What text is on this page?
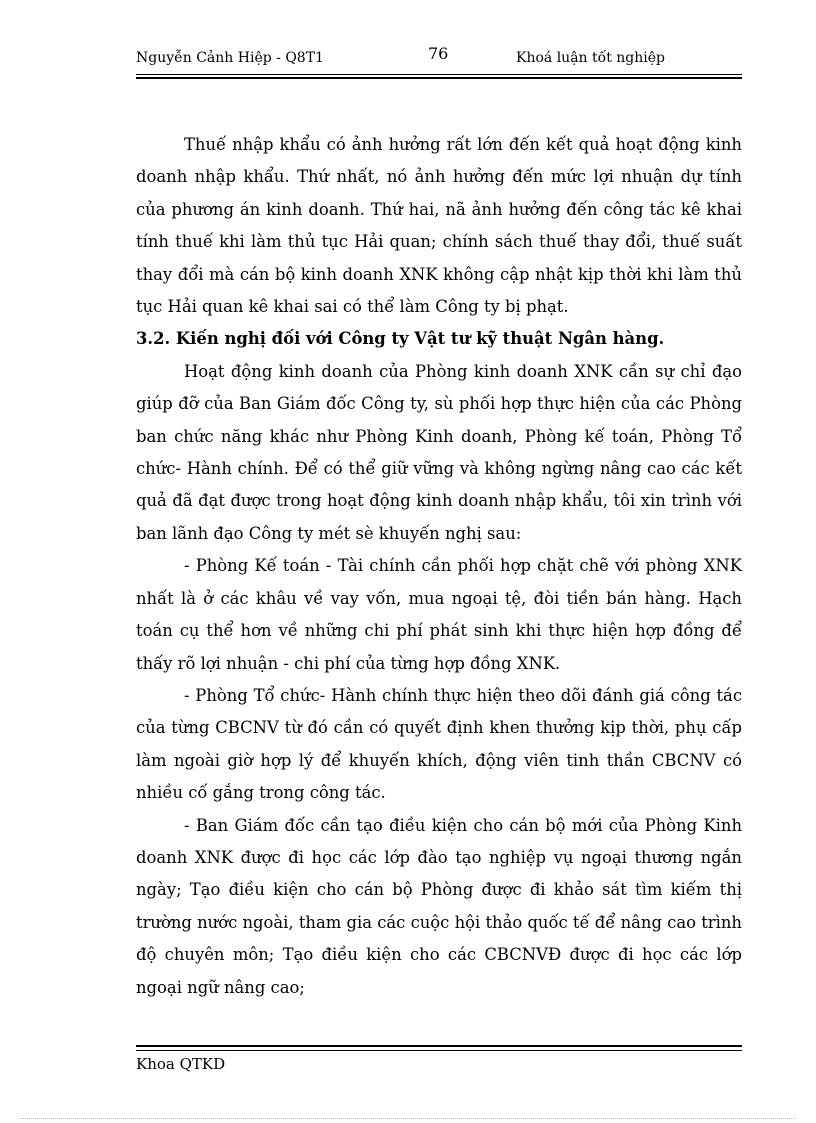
Nguyễn Cảnh Hiệp - Q8T1	76	Khoá luận tốt nghiệp

Thuế nhập khẩu có ảnh hưởng rất lớn đến kết quả hoạt động kinh doanh nhập khẩu. Thứ nhất, nó ảnh hưởng đến mức lợi nhuận dự tính của phương án kinh doanh. Thứ hai, nã ảnh hưởng đến công tác kê khai tính thuế khi làm thủ tục Hải quan; chính sách thuế thay đổi, thuế suất thay đổi mà cán bộ kinh doanh XNK không cập nhật kịp thời khi làm thủ tục Hải quan kê khai sai có thể làm Công ty bị phạt.

3.2. Kiến nghị đối với Công ty Vật tư kỹ thuật Ngân hàng.

Hoạt động kinh doanh của Phòng kinh doanh XNK cần sự chỉ đạo giúp đỡ của Ban Giám đốc Công ty, sù phối hợp thực hiện của các Phòng ban chức năng khác như Phòng Kinh doanh, Phòng kế toán, Phòng Tổ chức- Hành chính. Để có thể giữ vững và không ngừng nâng cao các kết quả đã đạt được trong hoạt động kinh doanh nhập khẩu, tôi xin trình với ban lãnh đạo Công ty mét sè khuyến nghị sau:

- Phòng Kế toán - Tài chính cần phối hợp chặt chẽ với phòng XNK nhất là ở các khâu về vay vốn, mua ngoại tệ, đòi tiền bán hàng. Hạch toán cụ thể hơn về những chi phí phát sinh khi thực hiện hợp đồng để thấy rõ lợi nhuận - chi phí của từng hợp đồng XNK.

- Phòng Tổ chức- Hành chính thực hiện theo dõi đánh giá công tác của từng CBCNV từ đó cần có quyết định khen thưởng kịp thời, phụ cấp làm ngoài giờ hợp lý để khuyến khích, động viên tinh thần CBCNV có nhiều cố gắng trong công tác.

- Ban Giám đốc cần tạo điều kiện cho cán bộ mới của Phòng Kinh doanh XNK được đi học các lớp đào tạo nghiệp vụ ngoại thương ngắn ngày; Tạo điều kiện cho cán bộ Phòng được đi khảo sát tìm kiếm thị trường nước ngoài, tham gia các cuộc hội thảo quốc tế để nâng cao trình độ chuyên môn; Tạo điều kiện cho các CBCNVĐ được đi học các lớp ngoại ngữ nâng cao;

Khoa QTKD
